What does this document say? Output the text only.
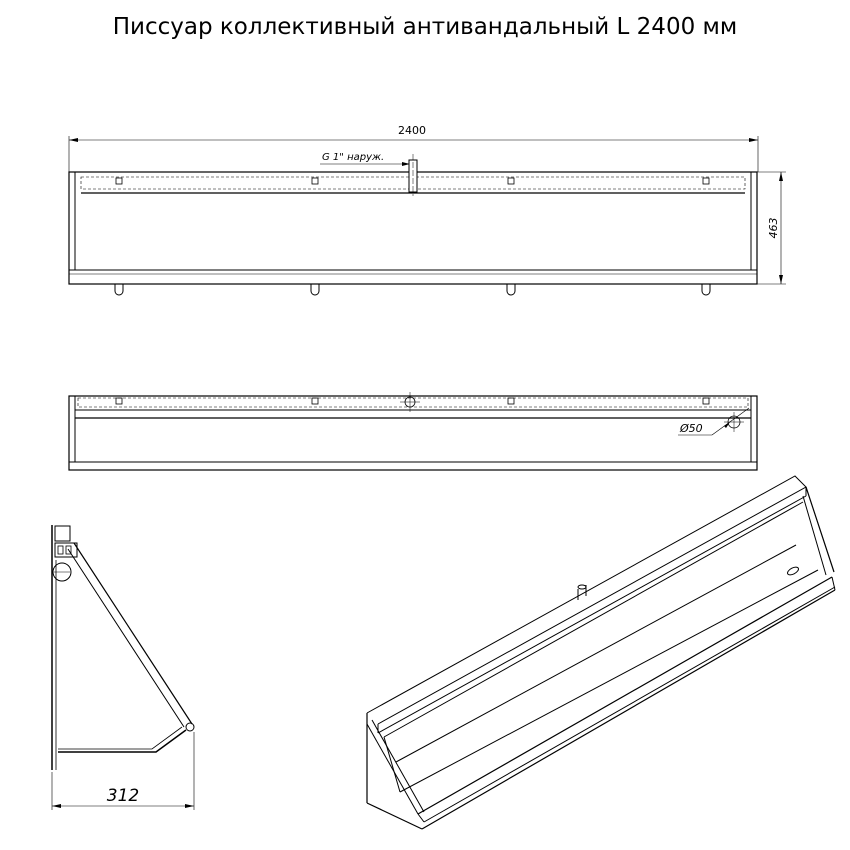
Писсуар коллективный антивандальный L 2400 мм
2400
463
G 1" наруж.
Ø50
312
